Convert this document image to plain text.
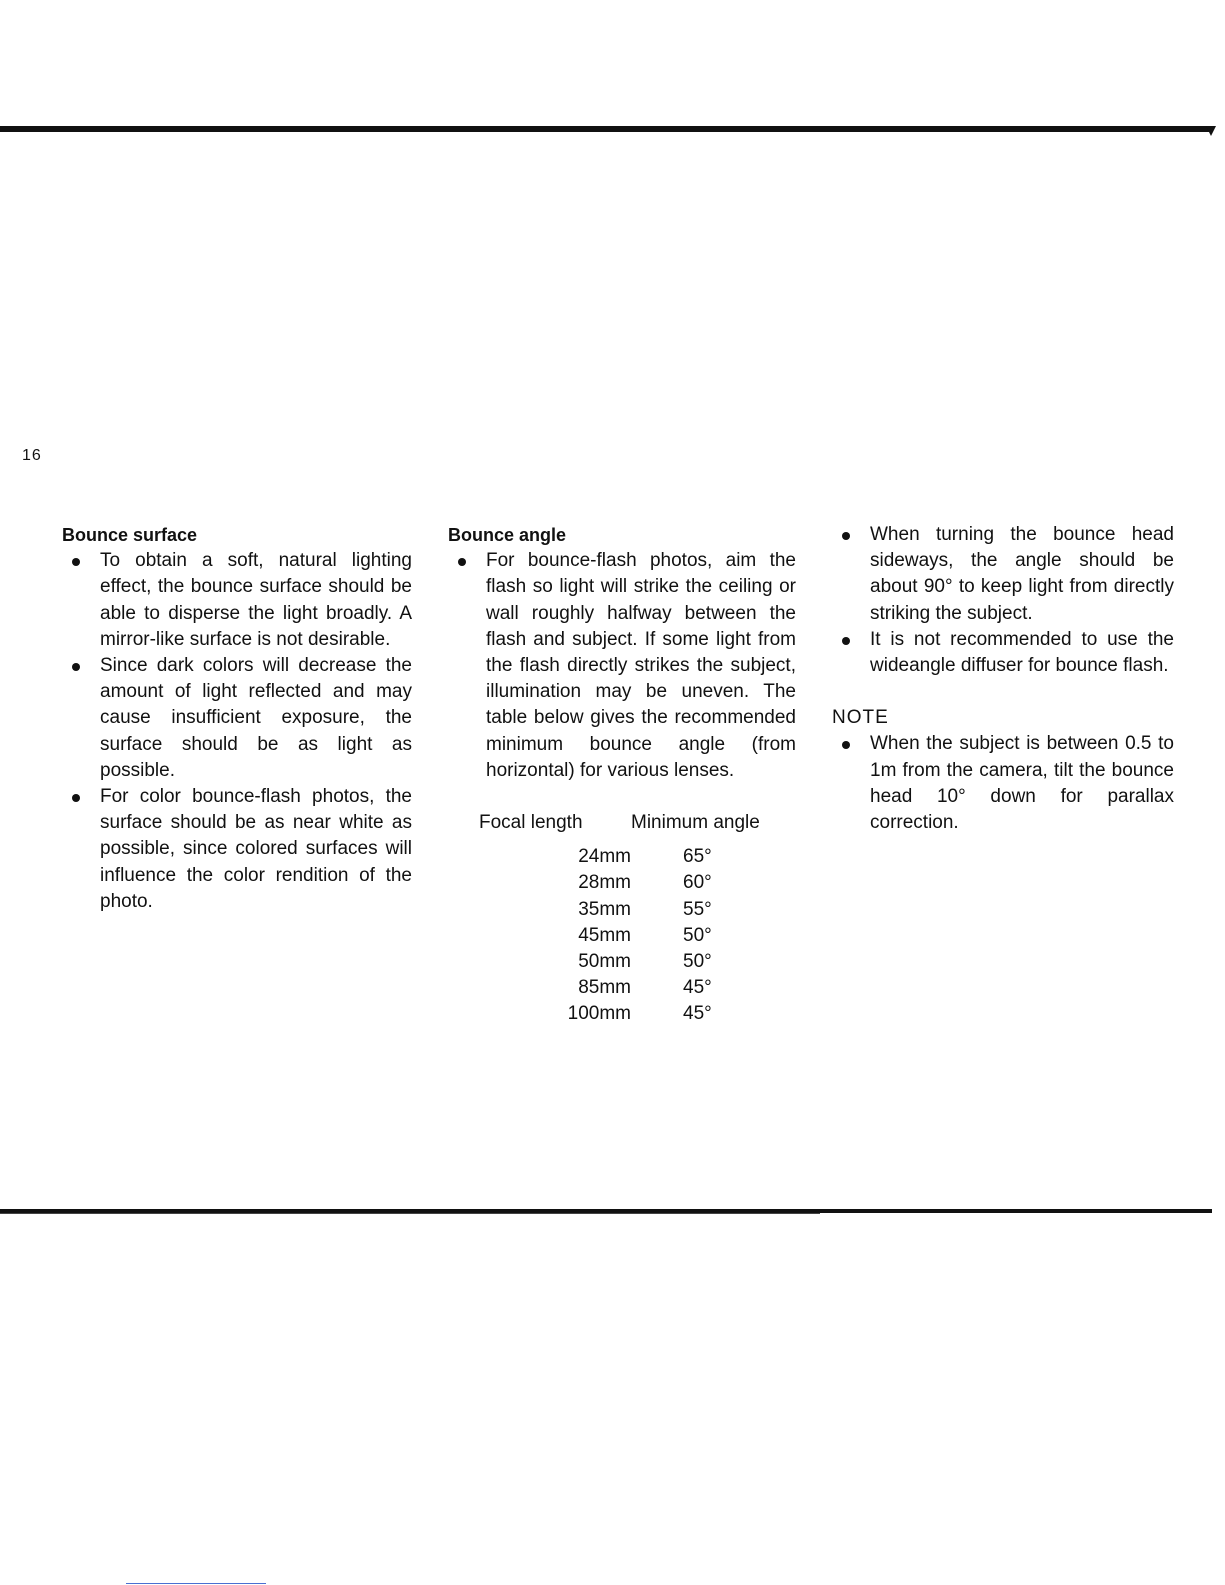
16
Bounce surface
To obtain a soft, natural lighting effect, the bounce surface should be able to disperse the light broadly. A mirror-like surface is not desirable.
Since dark colors will decrease the amount of light reflected and may cause insufficient exposure, the surface should be as light as possible.
For color bounce-flash photos, the surface should be as near white as possible, since colored surfaces will influence the color rendition of the photo.
Bounce angle
For bounce-flash photos, aim the flash so light will strike the ceiling or wall roughly halfway between the flash and subject. If some light from the flash directly strikes the subject, illumination may be uneven. The table below gives the recommended minimum bounce angle (from horizontal) for various lenses.
Focal length	Minimum angle

24mm	65°
28mm	60°
35mm	55°
45mm	50°
50mm	50°
85mm	45°
100mm	45°
When turning the bounce head sideways, the angle should be about 90° to keep light from directly striking the subject.
It is not recommended to use the wideangle diffuser for bounce flash.
NOTE
When the subject is between 0.5 to 1m from the camera, tilt the bounce head 10° down for parallax correction.
